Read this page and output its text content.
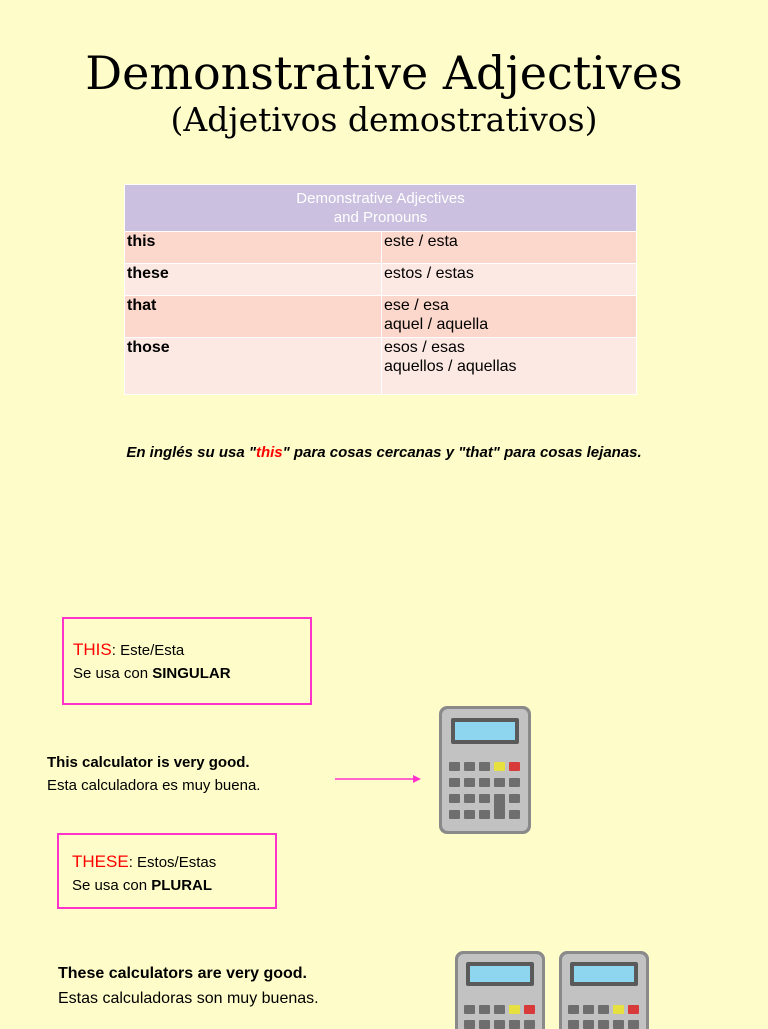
Demonstrative Adjectives
(Adjetivos demostrativos)
Demonstrative Adjectives
and Pronouns	
this	este / esta
these	estos / estas
that	ese / esa
aquel / aquella
those	esos / esas
aquellos / aquellas
En inglés su usa "this" para cosas cercanas y "that" para cosas lejanas.
THIS: Este/Esta
Se usa con SINGULAR
This calculator is very good.
Esta calculadora es muy buena.
THESE: Estos/Estas
Se usa con PLURAL
These calculators are very good.
Estas calculadoras son muy buenas.
